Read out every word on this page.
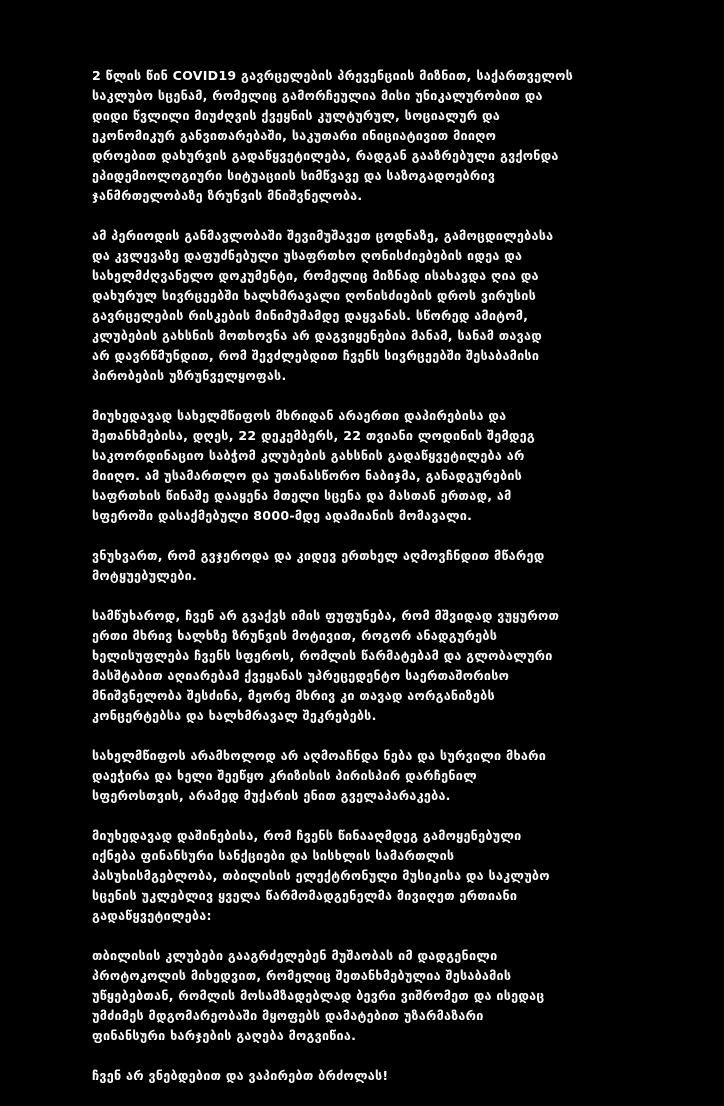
2 წლის წინ COVID19 გავრცელების პრევენციის მიზნით, საქართველოს
საკლუბო სცენამ, რომელიც გამორჩეულია მისი უნიკალურობით და
დიდი წვლილი მიუძღვის ქვეყნის კულტურულ, სოციალურ და
ეკონომიკურ განვითარებაში, საკუთარი ინიციატივით მიიღო
დროებით დახურვის გადაწყვეტილება, რადგან გააზრებული გვქონდა
ეპიდემიოლოგიური სიტუაციის სიმწვავე და საზოგადოებრივ
ჯანმრთელობაზე ზრუნვის მნიშვნელობა.

ამ პერიოდის განმავლობაში შევიმუშავეთ ცოდნაზე, გამოცდილებასა
და კვლევაზე დაფუძნებული უსაფრთხო ღონისძიებების იდეა და
სახელმძღვანელო დოკუმენტი, რომელიც მიზნად ისახავდა ღია და
დახურულ სივრცეებში ხალხმრავალი ღონისძიების დროს ვირუსის
გავრცელების რისკების მინიმუმამდე დაყვანას. სწორედ ამიტომ,
კლუბების გახსნის მოთხოვნა არ დაგვიყენებია მანამ, სანამ თავად
არ დავრწმუნდით, რომ შევძლებდით ჩვენს სივრცეებში შესაბამისი
პირობების უზრუნველყოფას.

მიუხედავად სახელმწიფოს მხრიდან არაერთი დაპირებისა და
შეთანხმებისა, დღეს, 22 დეკემბერს, 22 თვიანი ლოდინის შემდეგ
საკოორდინაციო საბჭომ კლუბების გახსნის გადაწყვეტილება არ
მიიღო. ამ უსამართლო და უთანასწორო ნაბიჯმა, განადგურების
საფრთხის წინაშე დააყენა მთელი სცენა და მასთან ერთად, ამ
სფეროში დასაქმებული 8000-მდე ადამიანის მომავალი.

ვნუხვართ, რომ გვჯეროდა და კიდევ ერთხელ აღმოვჩნდით მწარედ
მოტყუებულები.

სამწუხაროდ, ჩვენ არ გვაქვს იმის ფუფუნება, რომ მშვიდად ვუყუროთ
ერთი მხრივ ხალხზე ზრუნვის მოტივით, როგორ ანადგურებს
ხელისუფლება ჩვენს სფეროს, რომლის წარმატებამ და გლობალური
მასშტაბით აღიარებამ ქვეყანას უპრეცედენტო საერთაშორისო
მნიშვნელობა შესძინა, მეორე მხრივ კი თავად აორგანიზებს
კონცერტებსა და ხალხმრავალ შეკრებებს.

სახელმწიფოს არამხოლოდ არ აღმოაჩნდა ნება და სურვილი მხარი
დაეჭირა და ხელი შეეწყო კრიზისის პირისპირ დარჩენილ
სფეროსთვის, არამედ მუქარის ენით გველაპარაკება.

მიუხედავად დაშინებისა, რომ ჩვენს წინააღმდეგ გამოყენებული
იქნება ფინანსური სანქციები და სისხლის სამართლის
პასუხისმგებლობა, თბილისის ელექტრონული მუსიკისა და საკლუბო
სცენის უკლებლივ ყველა წარმომადგენელმა მივიღეთ ერთიანი
გადაწყვეტილება:

თბილისის კლუბები გააგრძელებენ მუშაობას იმ დადგენილი
პროტოკოლის მიხედვით, რომელიც შეთანხმებულია შესაბამის
უწყებებთან, რომლის მოსამზადებლად ბევრი ვიშრომეთ და ისედაც
უმძიმეს მდგომარეობაში მყოფებს დამატებით უზარმაზარი
ფინანსური ხარჯების გაღება მოგვიწია.

ჩვენ არ ვნებდებით და ვაპირებთ ბრძოლას!
